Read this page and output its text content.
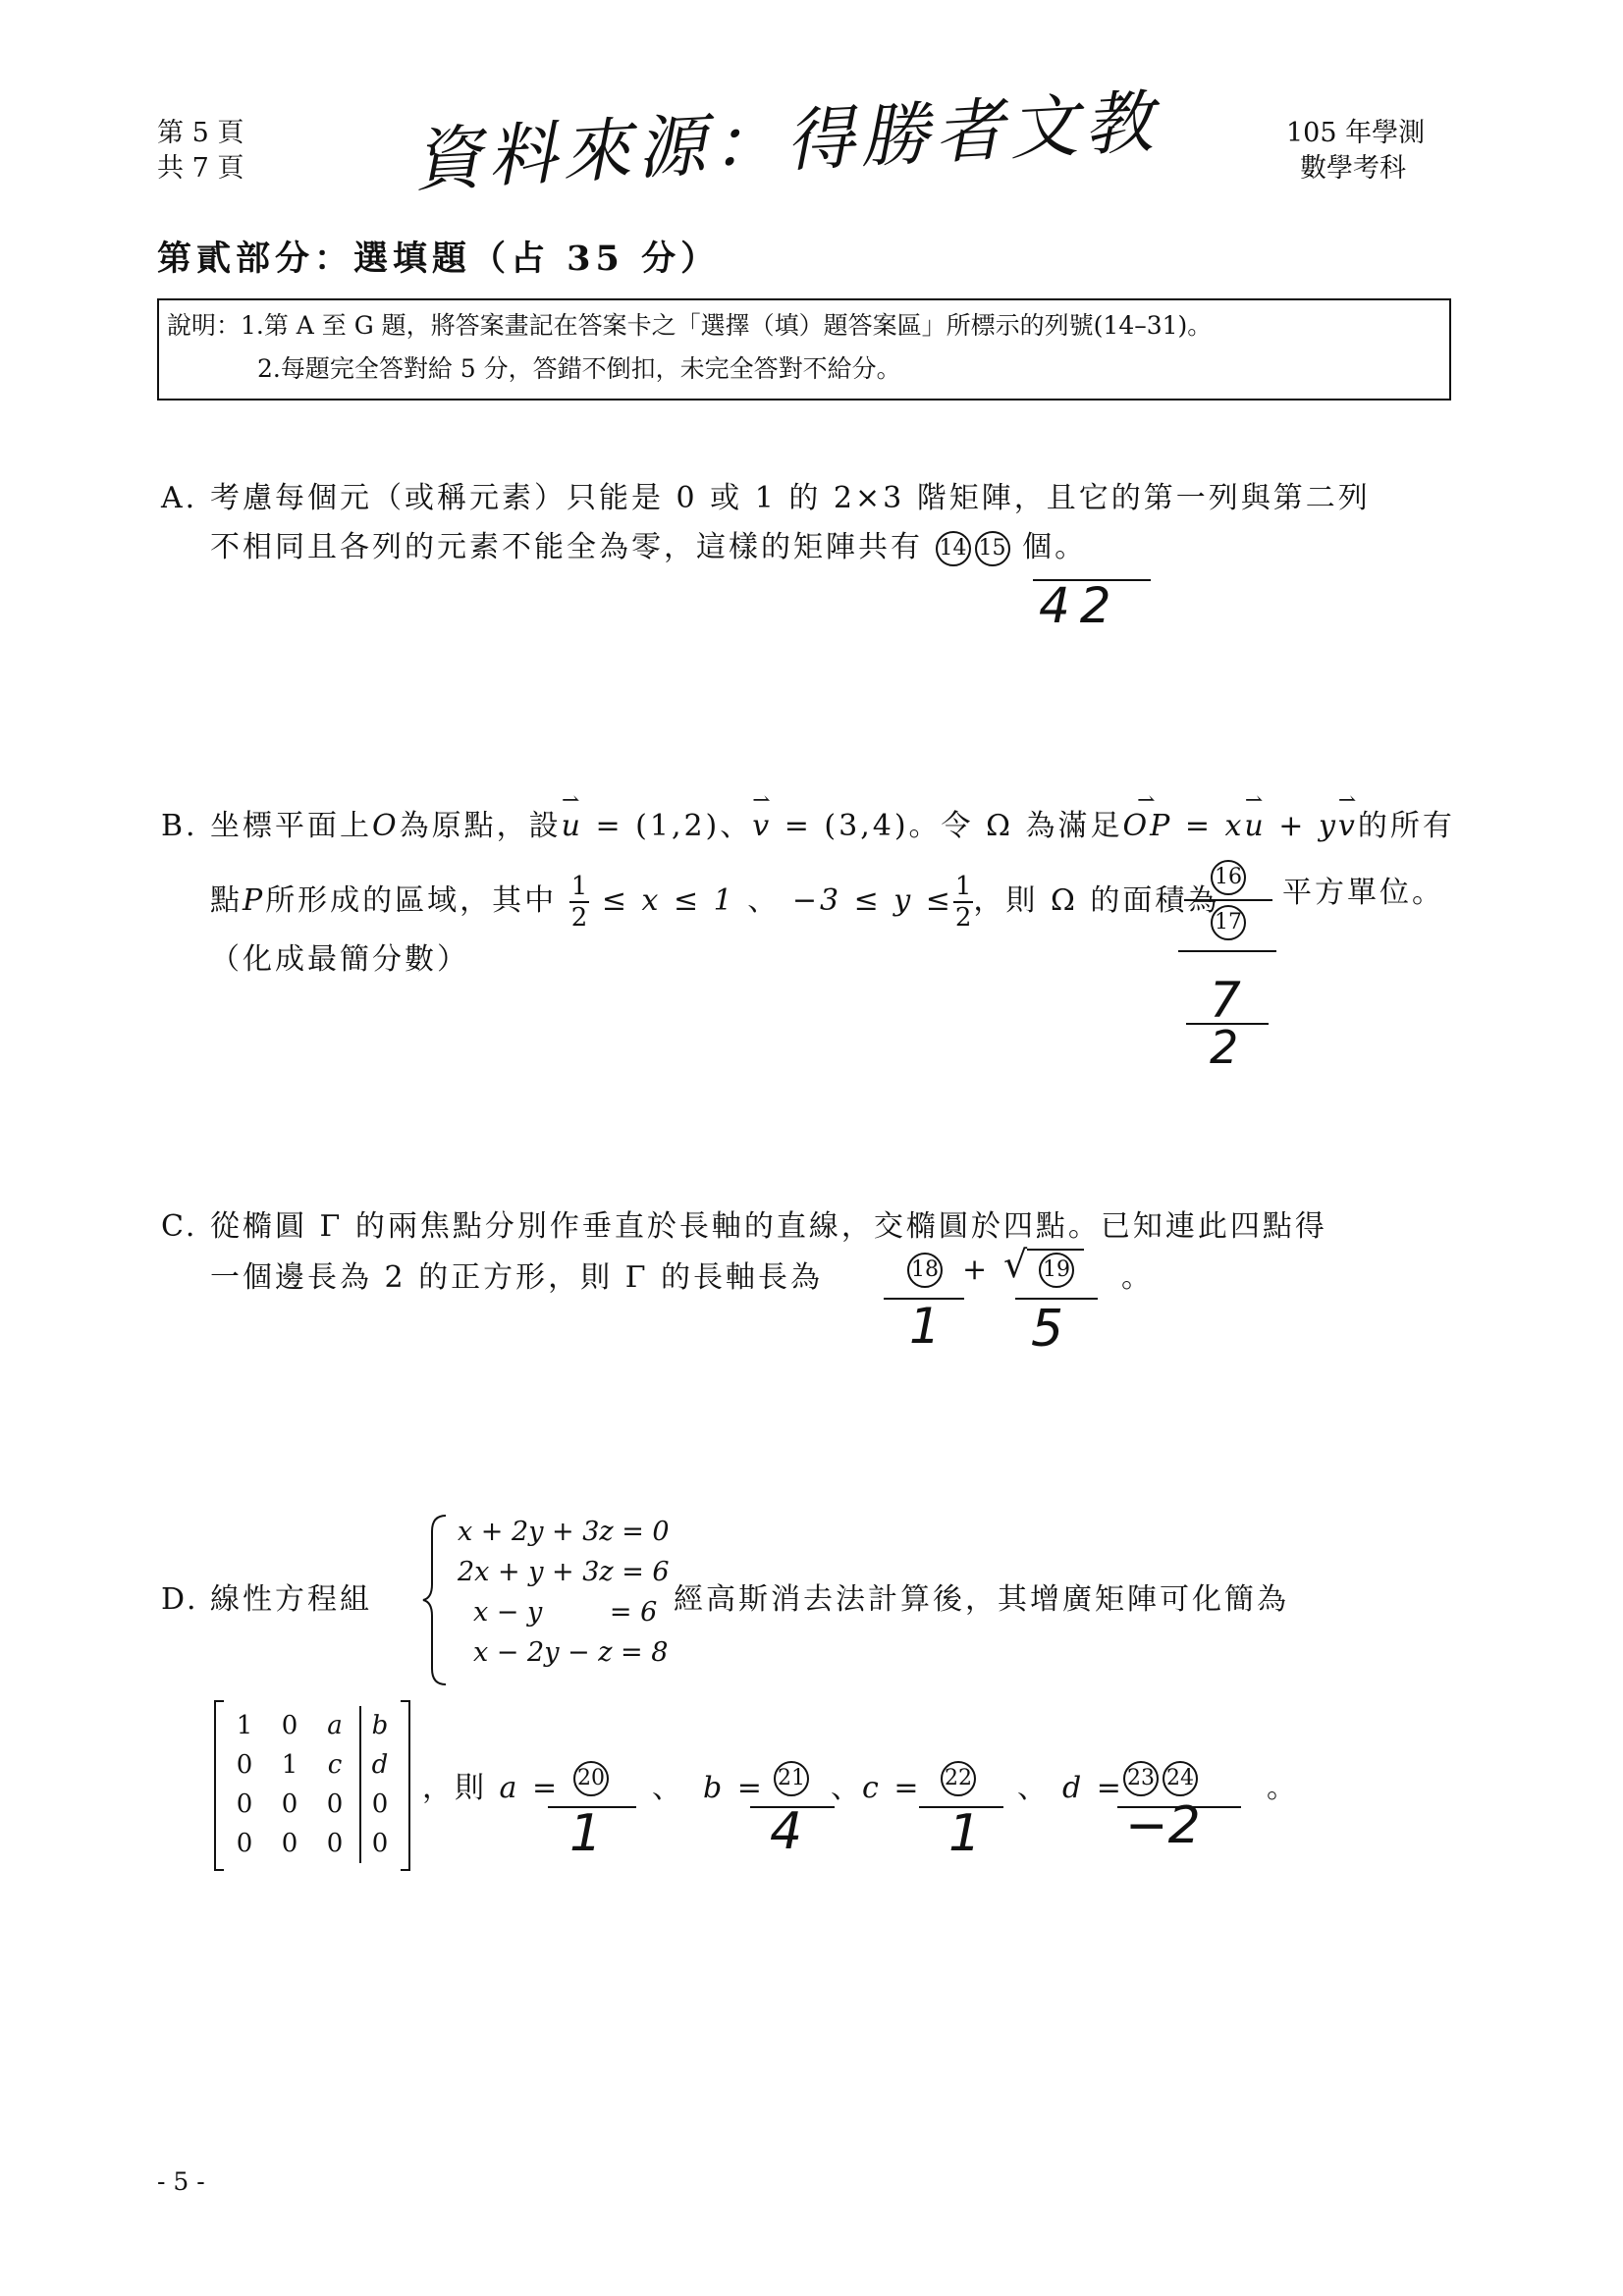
第 5 頁
共 7 頁 資料來源：得勝者文教	105 年學測
數學考科
第貳部分：選填題（占 35 分）
說明：1.第 A 至 G 題，將答案畫記在答案卡之「選擇（填）題答案區」所標示的列號(14–31)。
2.每題完全答對給 5 分，答錯不倒扣，未完全答對不給分。
A. 考慮每個元（或稱元素）只能是 0 或 1 的 2×3 階矩陣，且它的第一列與第二列
不相同且各列的元素不能全為零，這樣的矩陣共有 14 15 個。
42
B. 坐標平面上O為原點，設⇀ u = (1,2)、⇀ v = (3,4)。令 Ω 為滿足⇀ OP = x⇀ u + y⇀ v的所有
點P所形成的區域，其中 $\frac{1}{2} \le x \le 1$ 、 $-3 \le y \le \frac{1}{2}$ ，則 Ω 的面積為
16
17
平方單位。
（化成最簡分數）
7
2
C. 從橢圓 Γ 的兩焦點分別作垂直於長軸的直線，交橢圓於四點。已知連此四點得
一個邊長為 2 的正方形，則 Γ 的長軸長為	18 + √ 19	。
1 5
D. 線性方程組
x + 2y + 3z = 0
2x + y + 3z = 6
x − y        = 6
x − 2y − z = 8
經高斯消去法計算後，其增廣矩陣可化簡為
1	0	a	b
0	1	c	d
0	0	0	0
0	0	0	0
，則 a = 20	、 b = 21 、 c =	22	、 d = 23 24 。
1	4	1	−2
- 5 -
